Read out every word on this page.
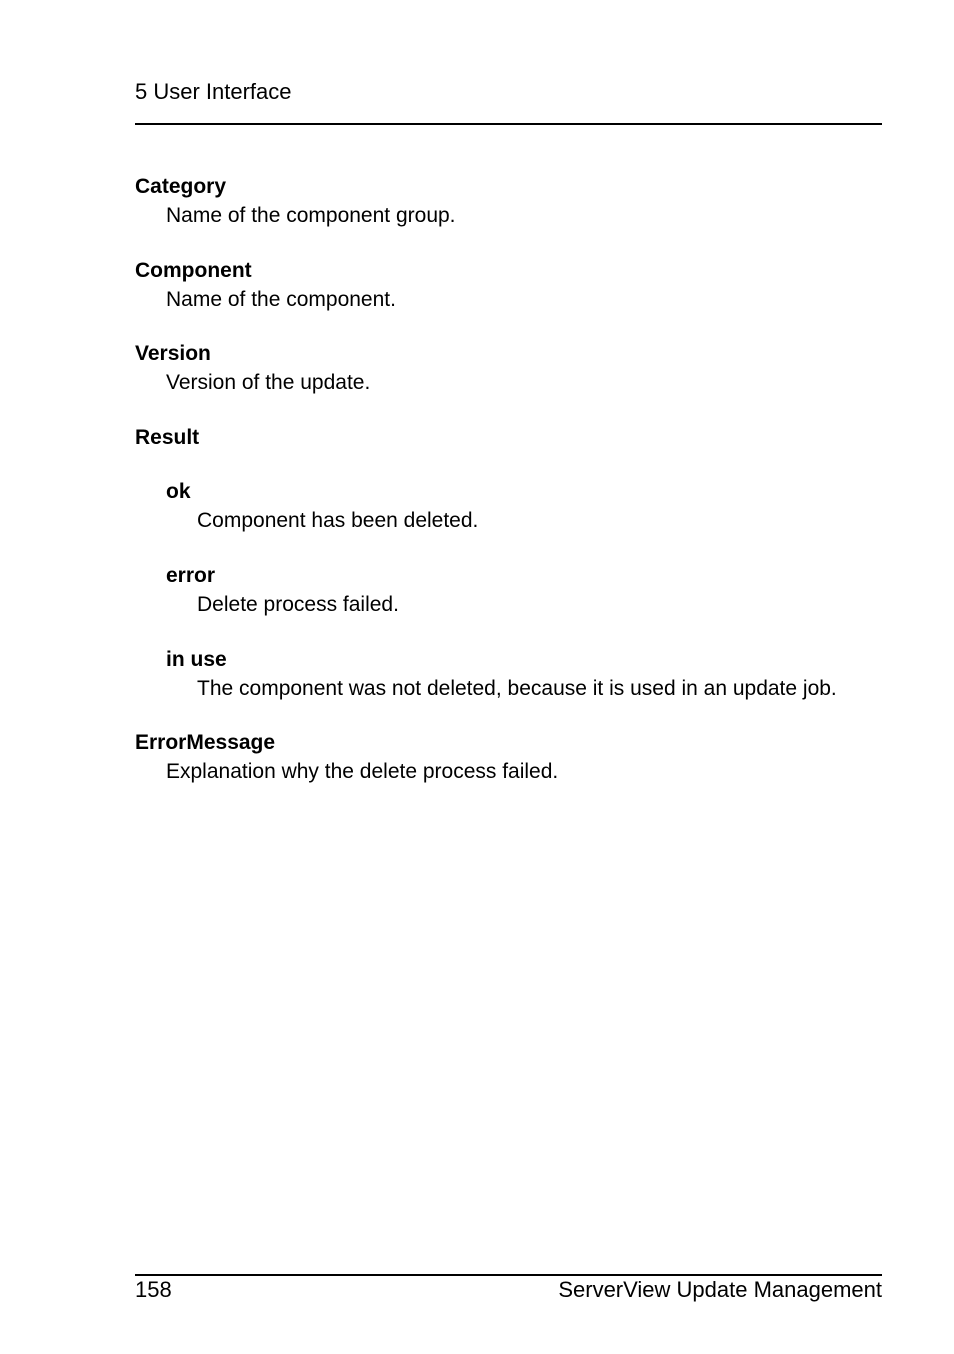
5 User Interface
Category
Name of the component group.
Component
Name of the component.
Version
Version of the update.
Result
ok
Component has been deleted.
error
Delete process failed.
in use
The component was not deleted, because it is used in an update job.
ErrorMessage
Explanation why the delete process failed.
158	ServerView Update Management
